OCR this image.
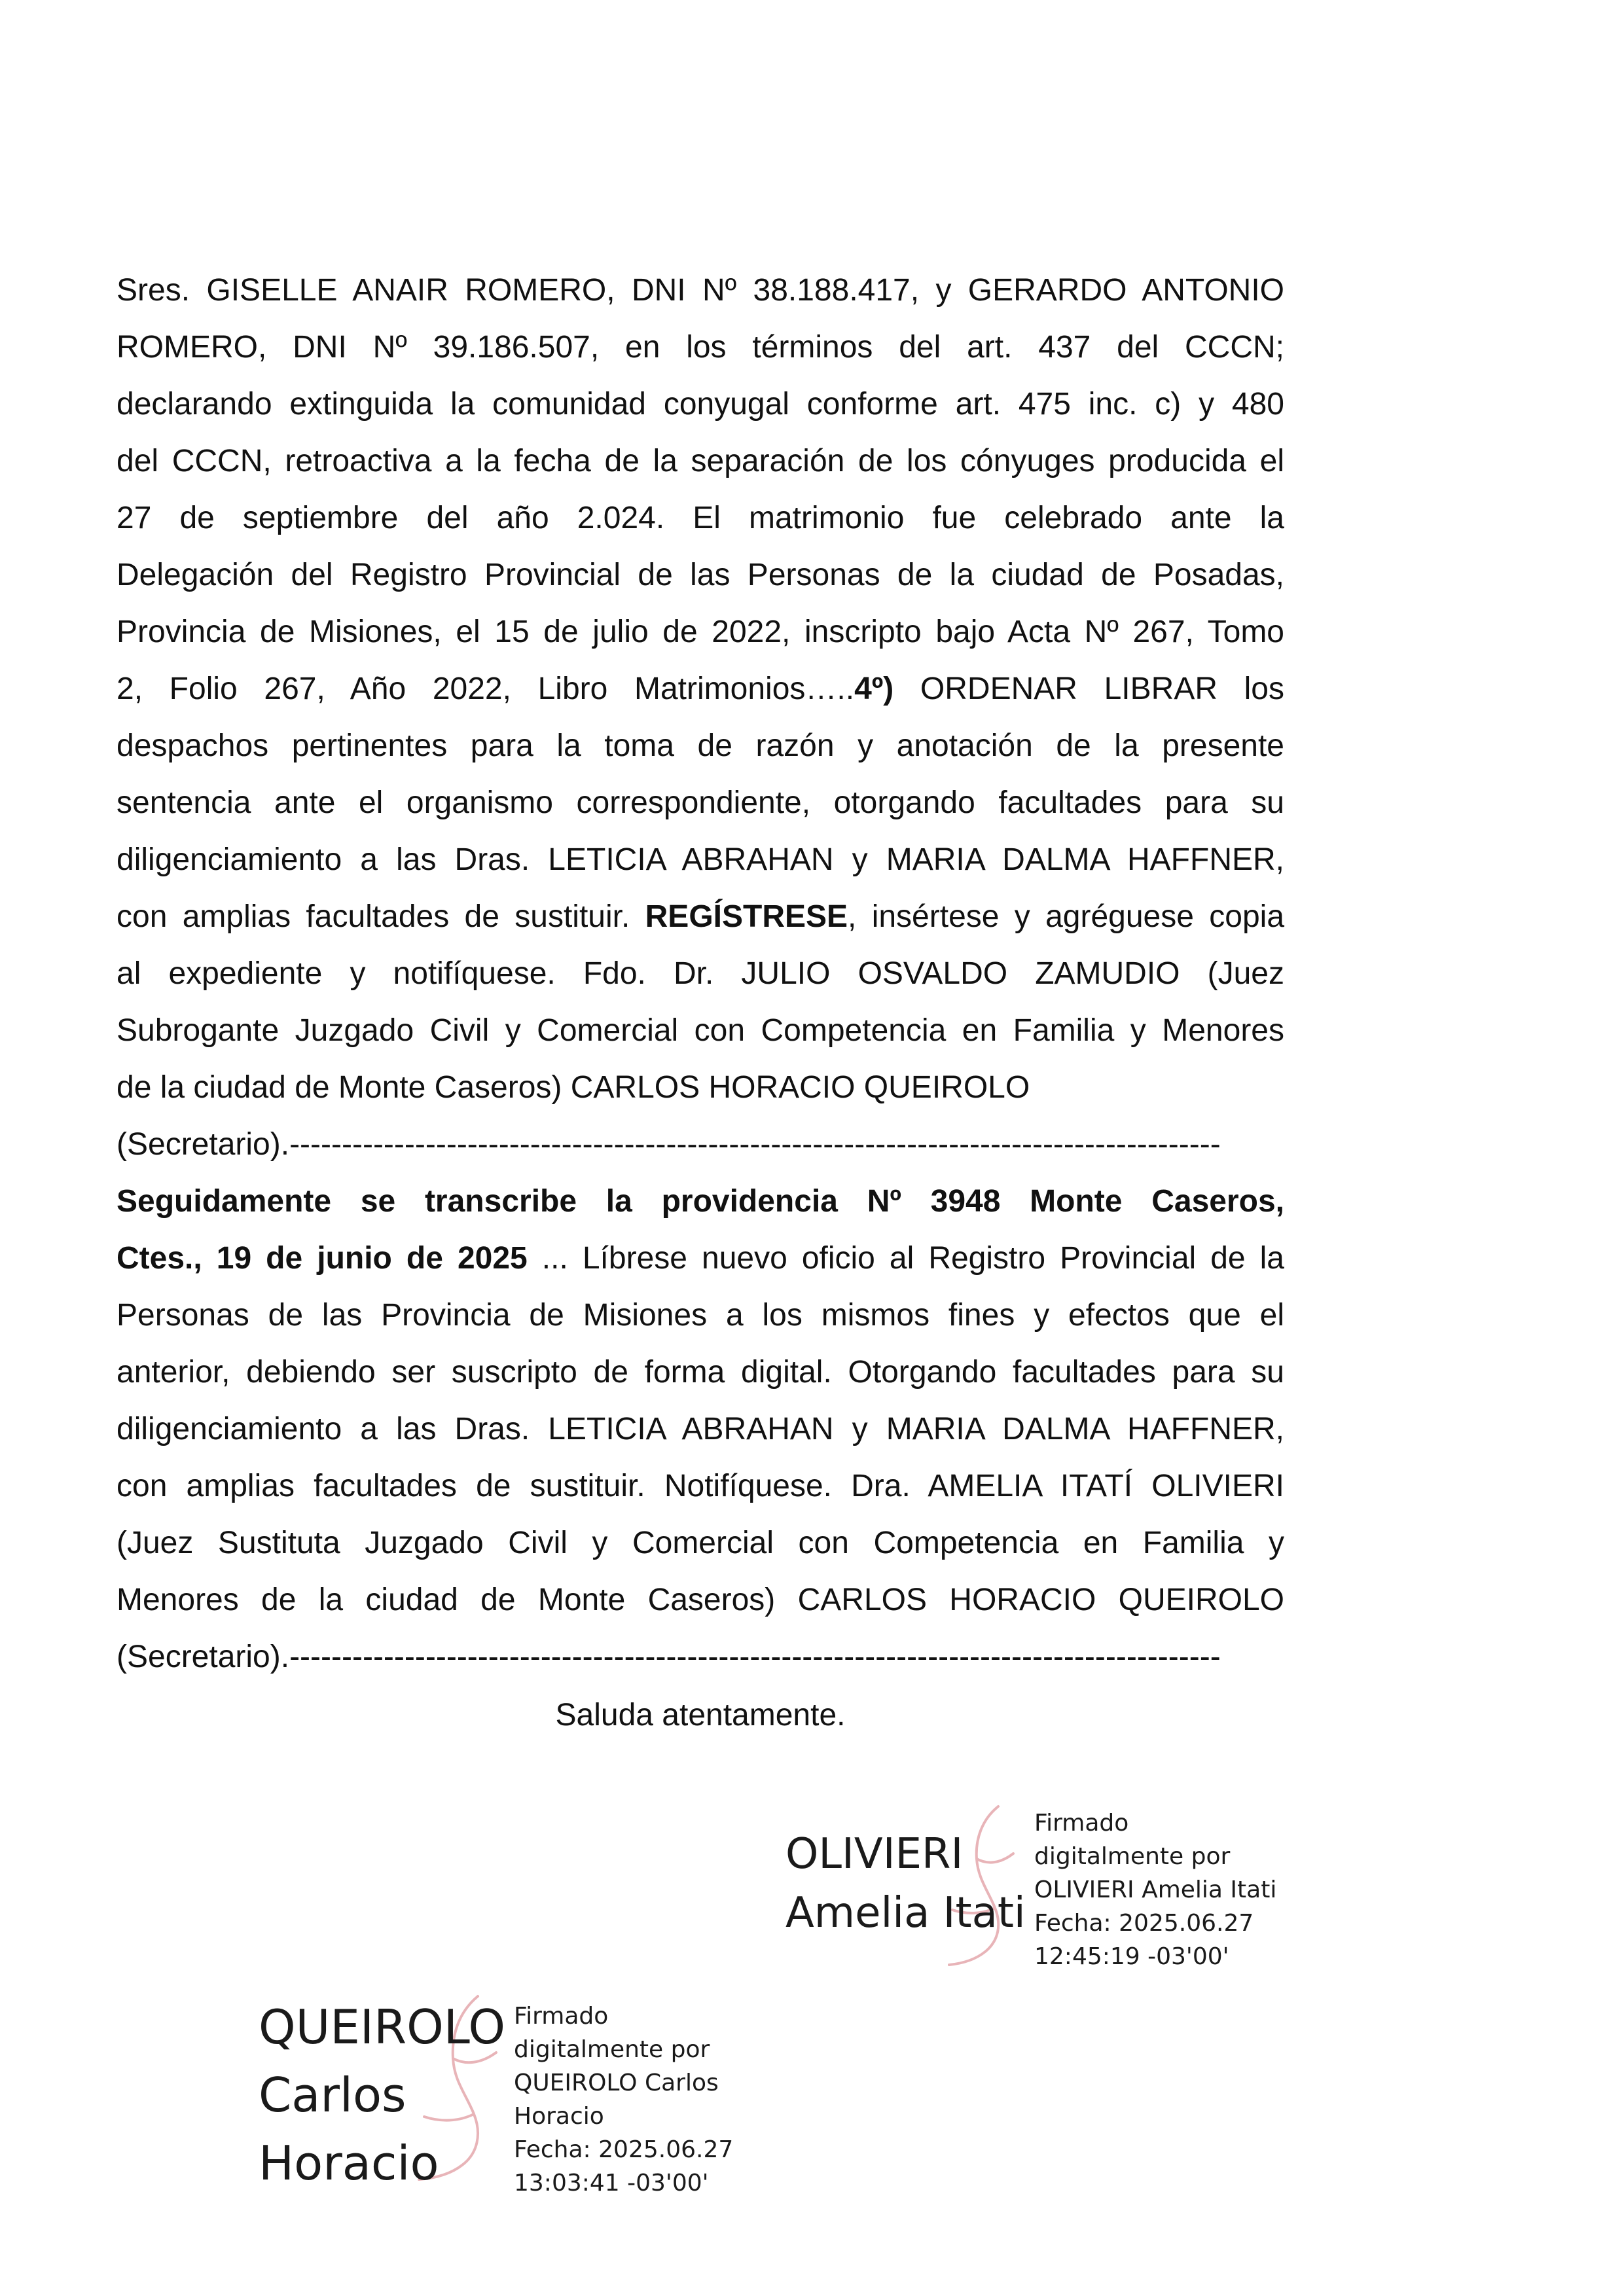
Sres. GISELLE ANAIR ROMERO, DNI Nº 38.188.417, y GERARDO ANTONIO

ROMERO, DNI Nº 39.186.507, en los términos del art. 437 del CCCN;

declarando extinguida la comunidad conyugal conforme art. 475 inc. c) y 480

del CCCN, retroactiva a la fecha de la separación de los cónyuges producida el

27 de septiembre del año 2.024. El matrimonio fue celebrado ante la

Delegación del Registro Provincial de las Personas de la ciudad de Posadas,

Provincia de Misiones, el 15 de julio de 2022, inscripto bajo Acta Nº 267, Tomo

2, Folio 267, Año 2022, Libro Matrimonios…..4º) ORDENAR LIBRAR los

despachos pertinentes para la toma de razón y anotación de la presente

sentencia ante el organismo correspondiente, otorgando facultades para su

diligenciamiento a las Dras. LETICIA ABRAHAN y MARIA DALMA HAFFNER,

con amplias facultades de sustituir. REGÍSTRESE, insértese y agréguese copia

al expediente y notifíquese. Fdo. Dr. JULIO OSVALDO ZAMUDIO (Juez

Subrogante Juzgado Civil y Comercial con Competencia en Familia y Menores

de la ciudad de Monte Caseros) CARLOS HORACIO QUEIROLO

(Secretario).-----------------------------------------------------------------------------------------

Seguidamente se transcribe la providencia Nº 3948 Monte Caseros,

Ctes., 19 de junio de 2025 ... Líbrese nuevo oficio al Registro Provincial de la

Personas de las Provincia de Misiones a los mismos fines y efectos que el

anterior, debiendo ser suscripto de forma digital. Otorgando facultades para su

diligenciamiento a las Dras. LETICIA ABRAHAN y MARIA DALMA HAFFNER,

con amplias facultades de sustituir. Notifíquese. Dra. AMELIA ITATÍ OLIVIERI

(Juez Sustituta Juzgado Civil y Comercial con Competencia en Familia y

Menores de la ciudad de Monte Caseros) CARLOS HORACIO QUEIROLO

(Secretario).-----------------------------------------------------------------------------------------

Saluda atentamente.
OLIVIERI
Amelia Itati
Firmado
digitalmente por
OLIVIERI Amelia Itati
Fecha: 2025.06.27
12:45:19 -03'00'
QUEIROLO
Carlos
Horacio
Firmado
digitalmente por
QUEIROLO Carlos
Horacio
Fecha: 2025.06.27
13:03:41 -03'00'
